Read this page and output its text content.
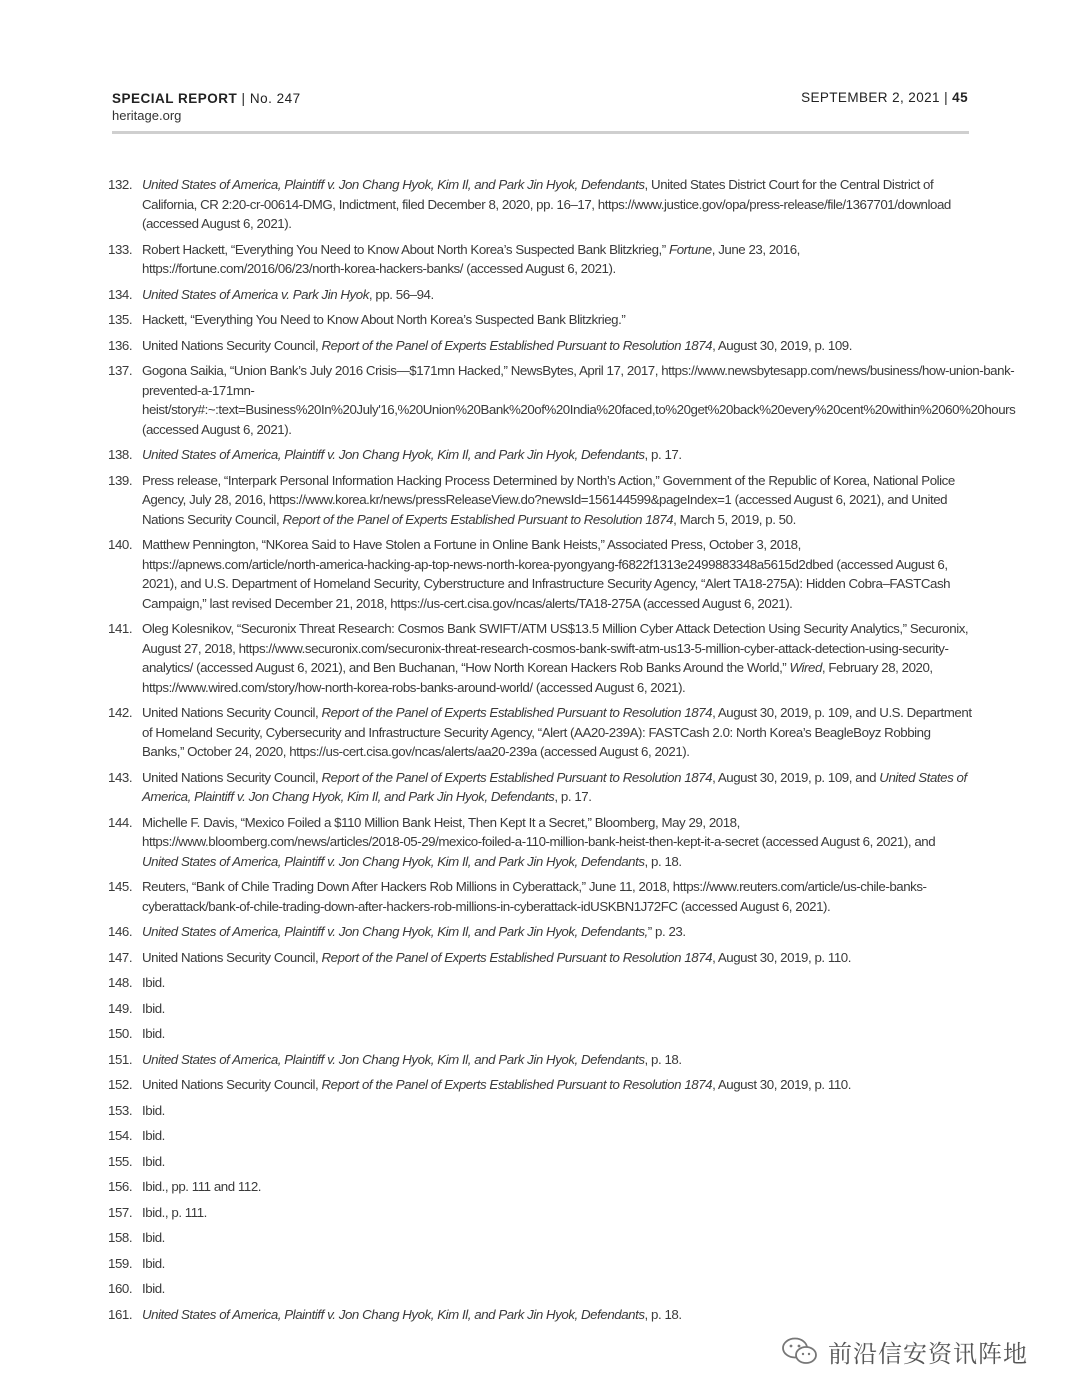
SPECIAL REPORT | No. 247
heritage.org
SEPTEMBER 2, 2021 | 45
132. United States of America, Plaintiff v. Jon Chang Hyok, Kim Il, and Park Jin Hyok, Defendants, United States District Court for the Central District of California, CR 2:20-cr-00614-DMG, Indictment, filed December 8, 2020, pp. 16–17, https://www.justice.gov/opa/press-release/file/1367701/download (accessed August 6, 2021).
133. Robert Hackett, “Everything You Need to Know About North Korea’s Suspected Bank Blitzkrieg,” Fortune, June 23, 2016, https://fortune.com/2016/06/23/north-korea-hackers-banks/ (accessed August 6, 2021).
134. United States of America v. Park Jin Hyok, pp. 56–94.
135. Hackett, “Everything You Need to Know About North Korea’s Suspected Bank Blitzkrieg.”
136. United Nations Security Council, Report of the Panel of Experts Established Pursuant to Resolution 1874, August 30, 2019, p. 109.
137. Gogona Saikia, “Union Bank’s July 2016 Crisis—$171mn Hacked,” NewsBytes, April 17, 2017, https://www.newsbytesapp.com/news/business/how-union-bank-prevented-a-171mn-heist/story#:~:text=Business%20In%20July'16,%20Union%20Bank%20of%20India%20faced,to%20get%20back%20every%20cent%20within%2060%20hours (accessed August 6, 2021).
138. United States of America, Plaintiff v. Jon Chang Hyok, Kim Il, and Park Jin Hyok, Defendants, p. 17.
139. Press release, “Interpark Personal Information Hacking Process Determined by North’s Action,” Government of the Republic of Korea, National Police Agency, July 28, 2016, https://www.korea.kr/news/pressReleaseView.do?newsId=156144599&pageIndex=1 (accessed August 6, 2021), and United Nations Security Council, Report of the Panel of Experts Established Pursuant to Resolution 1874, March 5, 2019, p. 50.
140. Matthew Pennington, “NKorea Said to Have Stolen a Fortune in Online Bank Heists,” Associated Press, October 3, 2018, https://apnews.com/article/north-america-hacking-ap-top-news-north-korea-pyongyang-f6822f1313e2499883348a5615d2dbed (accessed August 6, 2021), and U.S. Department of Homeland Security, Cyberstructure and Infrastructure Security Agency, “Alert TA18-275A): Hidden Cobra–FASTCash Campaign,” last revised December 21, 2018, https://us-cert.cisa.gov/ncas/alerts/TA18-275A (accessed August 6, 2021).
141. Oleg Kolesnikov, “Securonix Threat Research: Cosmos Bank SWIFT/ATM US$13.5 Million Cyber Attack Detection Using Security Analytics,” Securonix, August 27, 2018, https://www.securonix.com/securonix-threat-research-cosmos-bank-swift-atm-us13-5-million-cyber-attack-detection-using-security-analytics/ (accessed August 6, 2021), and Ben Buchanan, “How North Korean Hackers Rob Banks Around the World,” Wired, February 28, 2020, https://www.wired.com/story/how-north-korea-robs-banks-around-world/ (accessed August 6, 2021).
142. United Nations Security Council, Report of the Panel of Experts Established Pursuant to Resolution 1874, August 30, 2019, p. 109, and U.S. Department of Homeland Security, Cybersecurity and Infrastructure Security Agency, “Alert (AA20-239A): FASTCash 2.0: North Korea’s BeagleBoyz Robbing Banks,” October 24, 2020, https://us-cert.cisa.gov/ncas/alerts/aa20-239a (accessed August 6, 2021).
143. United Nations Security Council, Report of the Panel of Experts Established Pursuant to Resolution 1874, August 30, 2019, p. 109, and United States of America, Plaintiff v. Jon Chang Hyok, Kim Il, and Park Jin Hyok, Defendants, p. 17.
144. Michelle F. Davis, “Mexico Foiled a $110 Million Bank Heist, Then Kept It a Secret,” Bloomberg, May 29, 2018, https://www.bloomberg.com/news/articles/2018-05-29/mexico-foiled-a-110-million-bank-heist-then-kept-it-a-secret (accessed August 6, 2021), and United States of America, Plaintiff v. Jon Chang Hyok, Kim Il, and Park Jin Hyok, Defendants, p. 18.
145. Reuters, “Bank of Chile Trading Down After Hackers Rob Millions in Cyberattack,” June 11, 2018, https://www.reuters.com/article/us-chile-banks-cyberattack/bank-of-chile-trading-down-after-hackers-rob-millions-in-cyberattack-idUSKBN1J72FC (accessed August 6, 2021).
146. United States of America, Plaintiff v. Jon Chang Hyok, Kim Il, and Park Jin Hyok, Defendants,” p. 23.
147. United Nations Security Council, Report of the Panel of Experts Established Pursuant to Resolution 1874, August 30, 2019, p. 110.
148. Ibid.
149. Ibid.
150. Ibid.
151. United States of America, Plaintiff v. Jon Chang Hyok, Kim Il, and Park Jin Hyok, Defendants, p. 18.
152. United Nations Security Council, Report of the Panel of Experts Established Pursuant to Resolution 1874, August 30, 2019, p. 110.
153. Ibid.
154. Ibid.
155. Ibid.
156. Ibid., pp. 111 and 112.
157. Ibid., p. 111.
158. Ibid.
159. Ibid.
160. Ibid.
161. United States of America, Plaintiff v. Jon Chang Hyok, Kim Il, and Park Jin Hyok, Defendants, p. 18.
前沿信安资讯阵地
